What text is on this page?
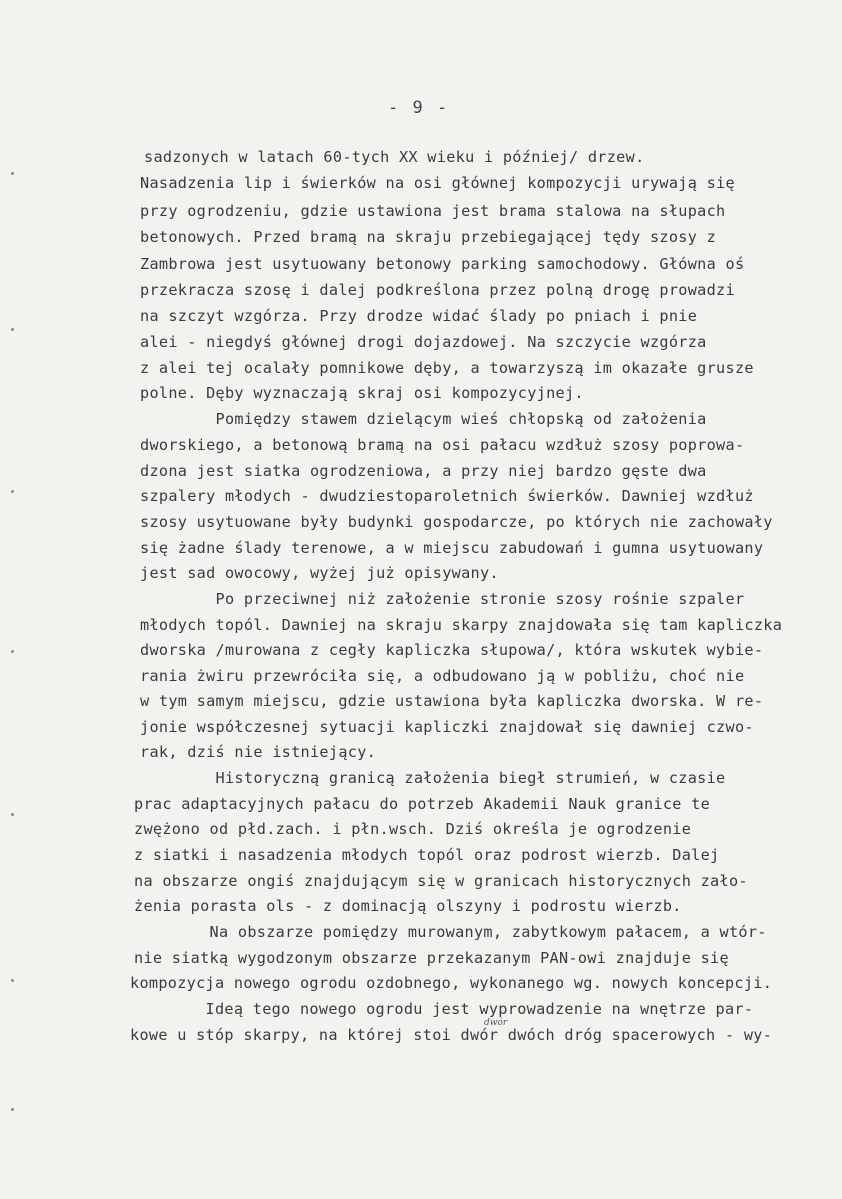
- 9 -
sadzonych w latach 60-tych XX wieku i później/ drzew.
Nasadzenia lip i świerków na osi głównej kompozycji urywają się
przy ogrodzeniu, gdzie ustawiona jest brama stalowa na słupach
betonowych. Przed bramą na skraju przebiegającej tędy szosy z
Zambrowa jest usytuowany betonowy parking samochodowy. Główna oś
przekracza szosę i dalej podkreślona przez polną drogę prowadzi
na szczyt wzgórza. Przy drodze widać ślady po pniach i pnie
alei - niegdyś głównej drogi dojazdowej. Na szczycie wzgórza
z alei tej ocalały pomnikowe dęby, a towarzyszą im okazałe grusze
polne. Dęby wyznaczają skraj osi kompozycyjnej.
Pomiędzy stawem dzielącym wieś chłopską od założenia
dworskiego, a betonową bramą na osi pałacu wzdłuż szosy poprowa-
dzona jest siatka ogrodzeniowa, a przy niej bardzo gęste dwa
szpalery młodych - dwudziestoparoletnich świerków. Dawniej wzdłuż
szosy usytuowane były budynki gospodarcze, po których nie zachowały
się żadne ślady terenowe, a w miejscu zabudowań i gumna usytuowany
jest sad owocowy, wyżej już opisywany.
Po przeciwnej niż założenie stronie szosy rośnie szpaler
młodych topól. Dawniej na skraju skarpy znajdowała się tam kapliczka
dworska /murowana z cegły kapliczka słupowa/, która wskutek wybie-
rania żwiru przewróciła się, a odbudowano ją w pobliżu, choć nie
w tym samym miejscu, gdzie ustawiona była kapliczka dworska. W re-
jonie współczesnej sytuacji kapliczki znajdował się dawniej czwo-
rak, dziś nie istniejący.
Historyczną granicą założenia biegł strumień, w czasie
prac adaptacyjnych pałacu do potrzeb Akademii Nauk granice te
zwężono od płd.zach. i płn.wsch. Dziś określa je ogrodzenie
z siatki i nasadzenia młodych topól oraz podrost wierzb. Dalej
na obszarze ongiś znajdującym się w granicach historycznych zało-
żenia porasta ols - z dominacją olszyny i podrostu wierzb.
Na obszarze pomiędzy murowanym, zabytkowym pałacem, a wtór-
nie siatką wygodzonym obszarze przekazanym PAN-owi znajduje się
kompozycja nowego ogrodu ozdobnego, wykonanego wg. nowych koncepcji.
Ideą tego nowego ogrodu jest wyprowadzenie na wnętrze par-
kowe u stóp skarpy, na której stoi dwór dwóch dróg spacerowych - wy-
dwór
